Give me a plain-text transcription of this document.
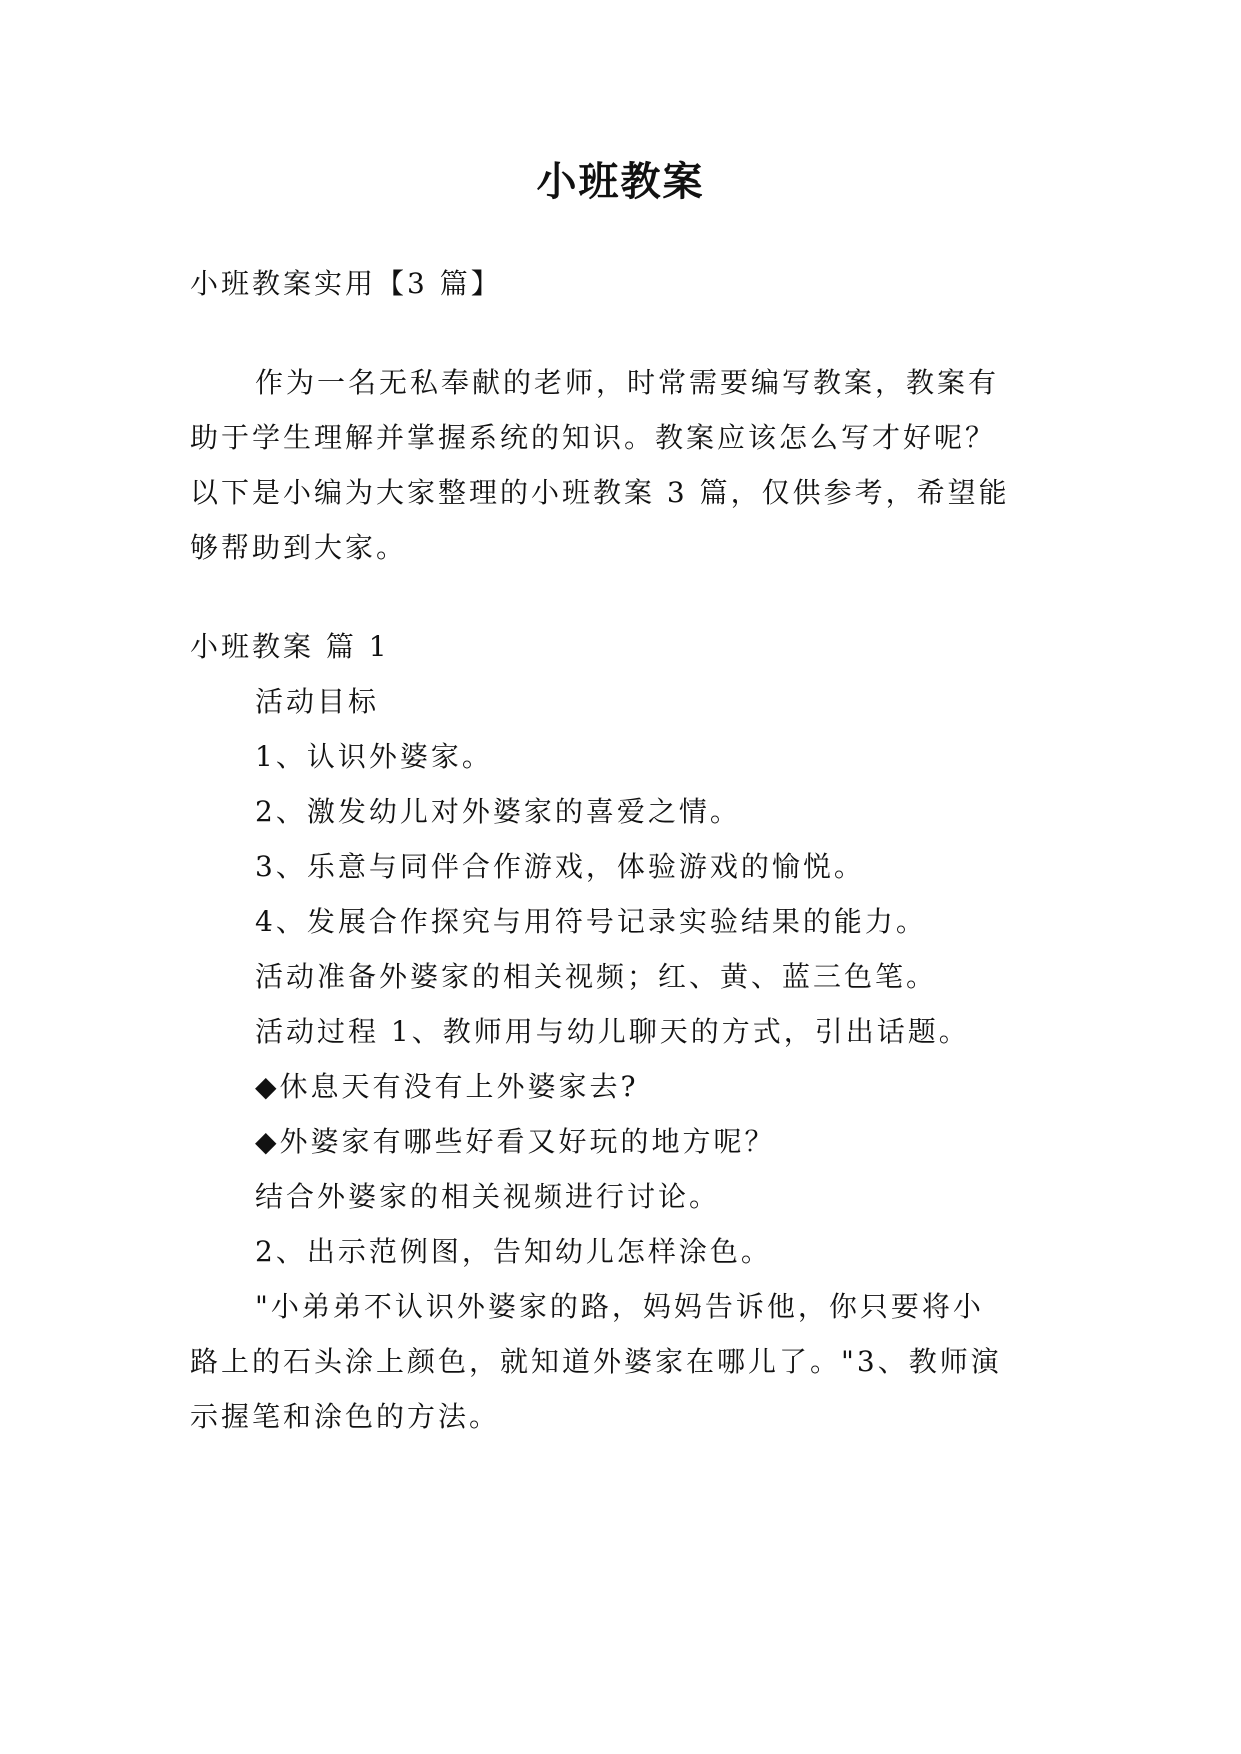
小班教案
小班教案实用【3 篇】
作为一名无私奉献的老师，时常需要编写教案，教案有
助于学生理解并掌握系统的知识。教案应该怎么写才好呢？
以下是小编为大家整理的小班教案 3 篇，仅供参考，希望能
够帮助到大家。
小班教案 篇 1
活动目标
1、认识外婆家。
2、激发幼儿对外婆家的喜爱之情。
3、乐意与同伴合作游戏，体验游戏的愉悦。
4、发展合作探究与用符号记录实验结果的能力。
活动准备外婆家的相关视频；红、黄、蓝三色笔。
活动过程 1、教师用与幼儿聊天的方式，引出话题。
◆休息天有没有上外婆家去?
◆外婆家有哪些好看又好玩的地方呢？
结合外婆家的相关视频进行讨论。
2、出示范例图，告知幼儿怎样涂色。
"小弟弟不认识外婆家的路，妈妈告诉他，你只要将小
路上的石头涂上颜色，就知道外婆家在哪儿了。"3、教师演
示握笔和涂色的方法。
